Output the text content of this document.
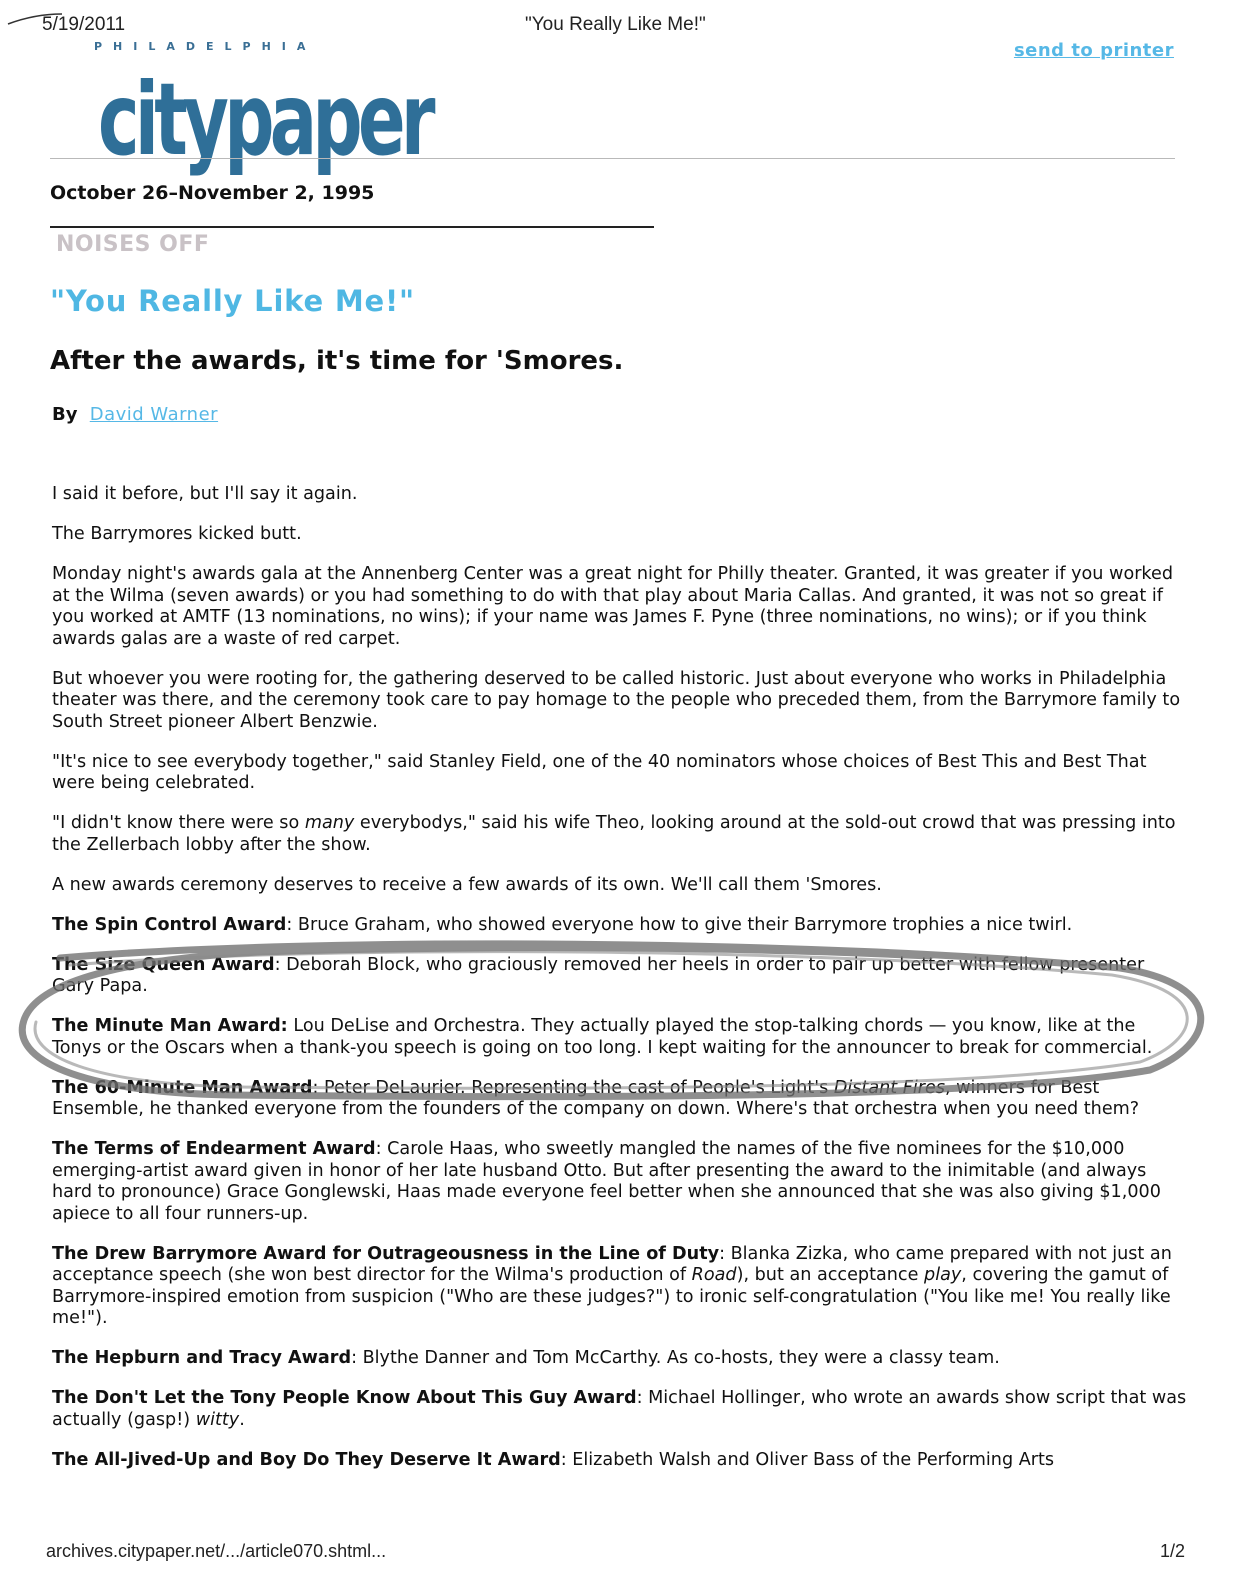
5/19/2011	"You Really Like Me!"
citypaper
PHILADELPHIA	send to printer
October 26–November 2, 1995
NOISES OFF
"You Really Like Me!"
After the awards, it's time for 'Smores.
By David Warner

I said it before, but I'll say it again.

The Barrymores kicked butt.

Monday night's awards gala at the Annenberg Center was a great night for Philly theater. Granted, it was greater if you worked at the Wilma (seven awards) or you had something to do with that play about Maria Callas. And granted, it was not so great if you worked at AMTF (13 nominations, no wins); if your name was James F. Pyne (three nominations, no wins); or if you think awards galas are a waste of red carpet.

But whoever you were rooting for, the gathering deserved to be called historic. Just about everyone who works in Philadelphia theater was there, and the ceremony took care to pay homage to the people who preceded them, from the Barrymore family to South Street pioneer Albert Benzwie.

"It's nice to see everybody together," said Stanley Field, one of the 40 nominators whose choices of Best This and Best That were being celebrated.

"I didn't know there were so many everybodys," said his wife Theo, looking around at the sold-out crowd that was pressing into the Zellerbach lobby after the show.

A new awards ceremony deserves to receive a few awards of its own. We'll call them 'Smores.

The Spin Control Award: Bruce Graham, who showed everyone how to give their Barrymore trophies a nice twirl.

The Size Queen Award: Deborah Block, who graciously removed her heels in order to pair up better with fellow presenter Gary Papa.

The Minute Man Award: Lou DeLise and Orchestra. They actually played the stop-talking chords — you know, like at the Tonys or the Oscars when a thank-you speech is going on too long. I kept waiting for the announcer to break for commercial.

The 60-Minute Man Award: Peter DeLaurier. Representing the cast of People's Light's Distant Fires, winners for Best Ensemble, he thanked everyone from the founders of the company on down. Where's that orchestra when you need them?

The Terms of Endearment Award: Carole Haas, who sweetly mangled the names of the five nominees for the $10,000 emerging-artist award given in honor of her late husband Otto. But after presenting the award to the inimitable (and always hard to pronounce) Grace Gonglewski, Haas made everyone feel better when she announced that she was also giving $1,000 apiece to all four runners-up.

The Drew Barrymore Award for Outrageousness in the Line of Duty: Blanka Zizka, who came prepared with not just an acceptance speech (she won best director for the Wilma's production of Road), but an acceptance play, covering the gamut of Barrymore-inspired emotion from suspicion ("Who are these judges?") to ironic self-congratulation ("You like me! You really like me!").

The Hepburn and Tracy Award: Blythe Danner and Tom McCarthy. As co-hosts, they were a classy team.

The Don't Let the Tony People Know About This Guy Award: Michael Hollinger, who wrote an awards show script that was actually (gasp!) witty.

The All-Jived-Up and Boy Do They Deserve It Award: Elizabeth Walsh and Oliver Bass of the Performing Arts

archives.citypaper.net/.../article070.shtml...	1/2
